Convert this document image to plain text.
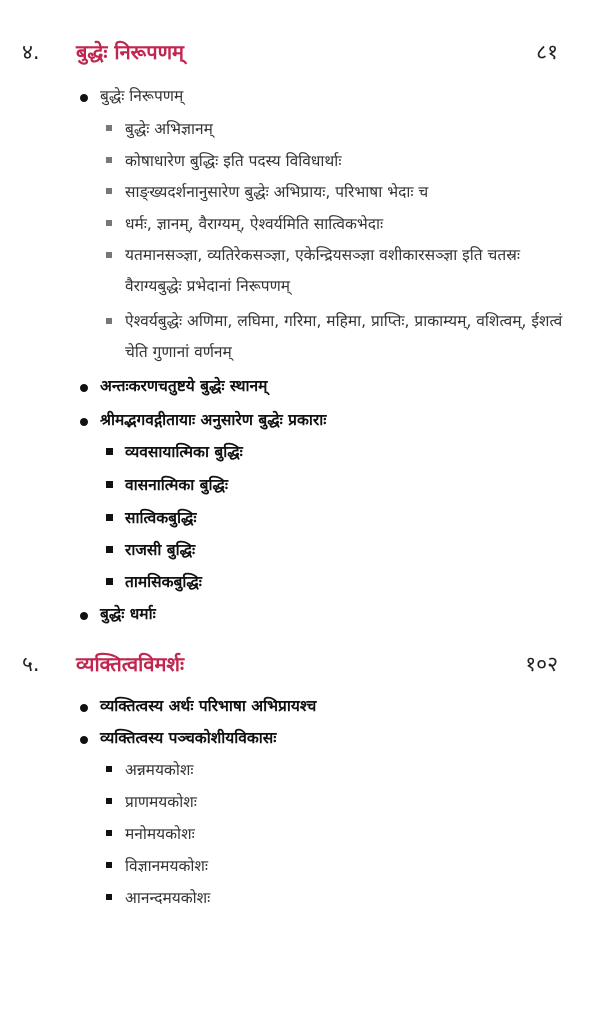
४. बुद्धेः निरूपणम्	८१
बुद्धेः निरूपणम्
बुद्धेः अभिज्ञानम्
कोषाधारेण बुद्धिः इति पदस्य विविधार्थाः
साङ्ख्यदर्शनानुसारेण बुद्धेः अभिप्रायः, परिभाषा भेदाः च
धर्मः, ज्ञानम्, वैराग्यम्, ऐश्वर्यमिति सात्विकभेदाः
यतमानसञ्ज्ञा, व्यतिरेकसञ्ज्ञा, एकेन्द्रियसञ्ज्ञा वशीकारसञ्ज्ञा इति चतस्रः वैराग्यबुद्धेः प्रभेदानां निरूपणम्
ऐश्वर्यबुद्धेः अणिमा, लघिमा, गरिमा, महिमा, प्राप्तिः, प्राकाम्यम्, वशित्वम्, ईशत्वं चेति गुणानां वर्णनम्
अन्तःकरणचतुष्टये बुद्धेः स्थानम्
श्रीमद्भगवद्गीतायाः अनुसारेण बुद्धेः प्रकाराः
व्यवसायात्मिका बुद्धिः
वासनात्मिका बुद्धिः
सात्विकबुद्धिः
राजसी बुद्धिः
तामसिकबुद्धिः
बुद्धेः धर्माः
५. व्यक्तित्वविमर्शः	१०२
व्यक्तित्वस्य अर्थः परिभाषा अभिप्रायश्च
व्यक्तित्वस्य पञ्चकोशीयविकासः
अन्नमयकोशः
प्राणमयकोशः
मनोमयकोशः
विज्ञानमयकोशः
आनन्दमयकोशः
